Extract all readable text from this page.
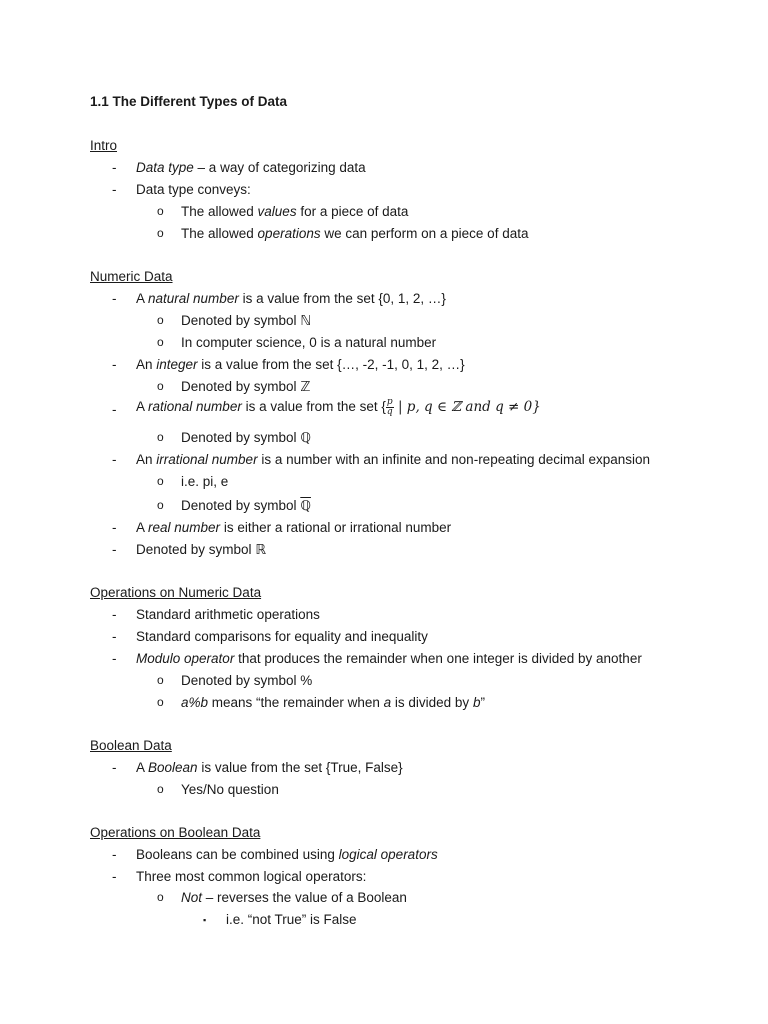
1.1 The Different Types of Data
Intro
- Data type – a way of categorizing data
- Data type conveys:
o The allowed values for a piece of data
o The allowed operations we can perform on a piece of data
Numeric Data
- A natural number is a value from the set {0, 1, 2, …}
o Denoted by symbol ℕ
o In computer science, 0 is a natural number
- An integer is a value from the set {…, -2, -1, 0, 1, 2, …}
o Denoted by symbol ℤ
- A rational number is a value from the set { $\frac{p}{q}$ | p, q ∈ ℤ and q ≠ 0}
o Denoted by symbol ℚ
- An irrational number is a number with an infinite and non-repeating decimal expansion
o i.e. pi, e
o Denoted by symbol ℚ
- A real number is either a rational or irrational number
- Denoted by symbol ℝ
Operations on Numeric Data
- Standard arithmetic operations
- Standard comparisons for equality and inequality
- Modulo operator that produces the remainder when one integer is divided by another
o Denoted by symbol %
o a%b means “the remainder when a is divided by b”
Boolean Data
- A Boolean is value from the set {True, False}
o Yes/No question
Operations on Boolean Data
- Booleans can be combined using logical operators
- Three most common logical operators:
o Not – reverses the value of a Boolean
▪ i.e. “not True” is False
